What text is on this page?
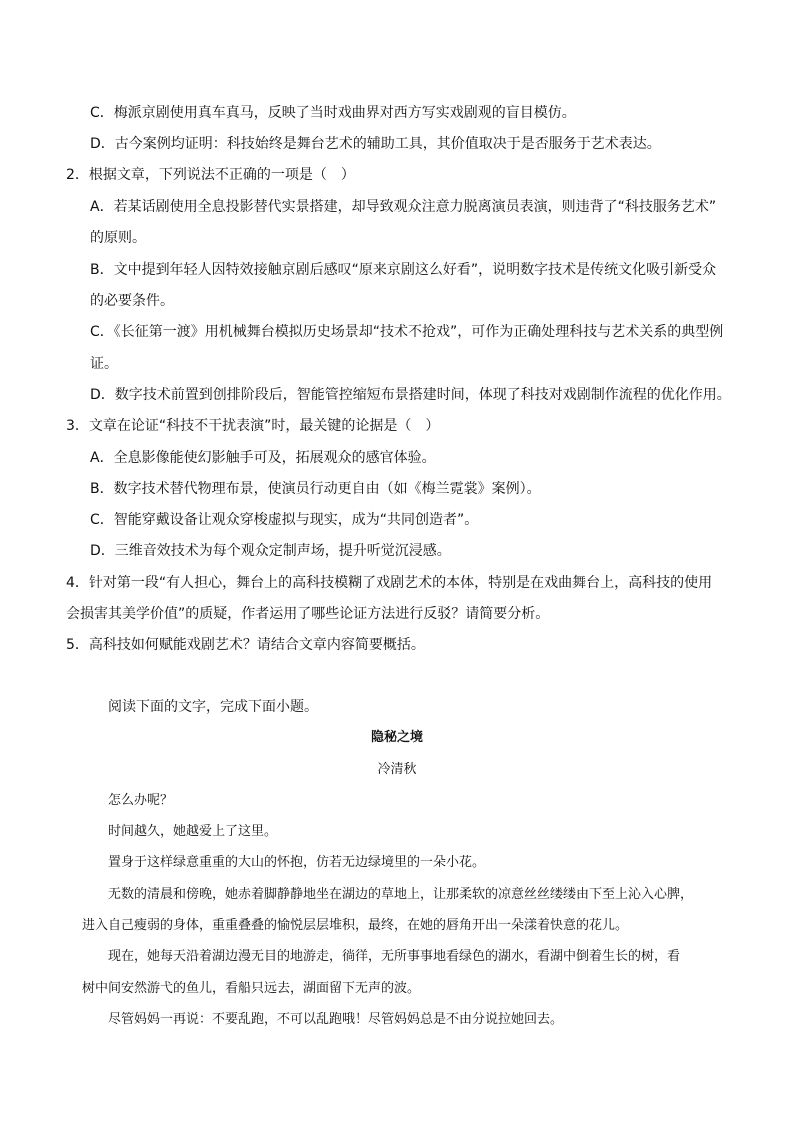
C．梅派京剧使用真车真马，反映了当时戏曲界对西方写实戏剧观的盲目模仿。
D．古今案例均证明：科技始终是舞台艺术的辅助工具，其价值取决于是否服务于艺术表达。
2．根据文章，下列说法不正确的一项是（　）
A．若某话剧使用全息投影替代实景搭建，却导致观众注意力脱离演员表演，则违背了“科技服务艺术”
的原则。
B．文中提到年轻人因特效接触京剧后感叹“原来京剧这么好看”，说明数字技术是传统文化吸引新受众
的必要条件。
C．《长征第一渡》用机械舞台模拟历史场景却“技术不抢戏”，可作为正确处理科技与艺术关系的典型例
证。
D．数字技术前置到创排阶段后，智能管控缩短布景搭建时间，体现了科技对戏剧制作流程的优化作用。
3．文章在论证“科技不干扰表演”时，最关键的论据是（　）
A．全息影像能使幻影触手可及，拓展观众的感官体验。
B．数字技术替代物理布景，使演员行动更自由（如《梅兰霓裳》案例）。
C．智能穿戴设备让观众穿梭虚拟与现实，成为“共同创造者”。
D．三维音效技术为每个观众定制声场，提升听觉沉浸感。
4．针对第一段“有人担心，舞台上的高科技模糊了戏剧艺术的本体，特别是在戏曲舞台上，高科技的使用
会损害其美学价值”的质疑，作者运用了哪些论证方法进行反驳？请简要分析。
5．高科技如何赋能戏剧艺术？请结合文章内容简要概括。
阅读下面的文字，完成下面小题。
隐秘之境
冷清秋
怎么办呢？
时间越久，她越爱上了这里。
置身于这样绿意重重的大山的怀抱，仿若无边绿境里的一朵小花。
无数的清晨和傍晚，她赤着脚静静地坐在湖边的草地上，让那柔软的凉意丝丝缕缕由下至上沁入心脾，
进入自己瘦弱的身体，重重叠叠的愉悦层层堆积，最终，在她的唇角开出一朵漾着快意的花儿。
现在，她每天沿着湖边漫无目的地游走，徜徉，无所事事地看绿色的湖水，看湖中倒着生长的树，看
树中间安然游弋的鱼儿，看船只远去，湖面留下无声的波。
尽管妈妈一再说：不要乱跑，不可以乱跑哦！尽管妈妈总是不由分说拉她回去。
